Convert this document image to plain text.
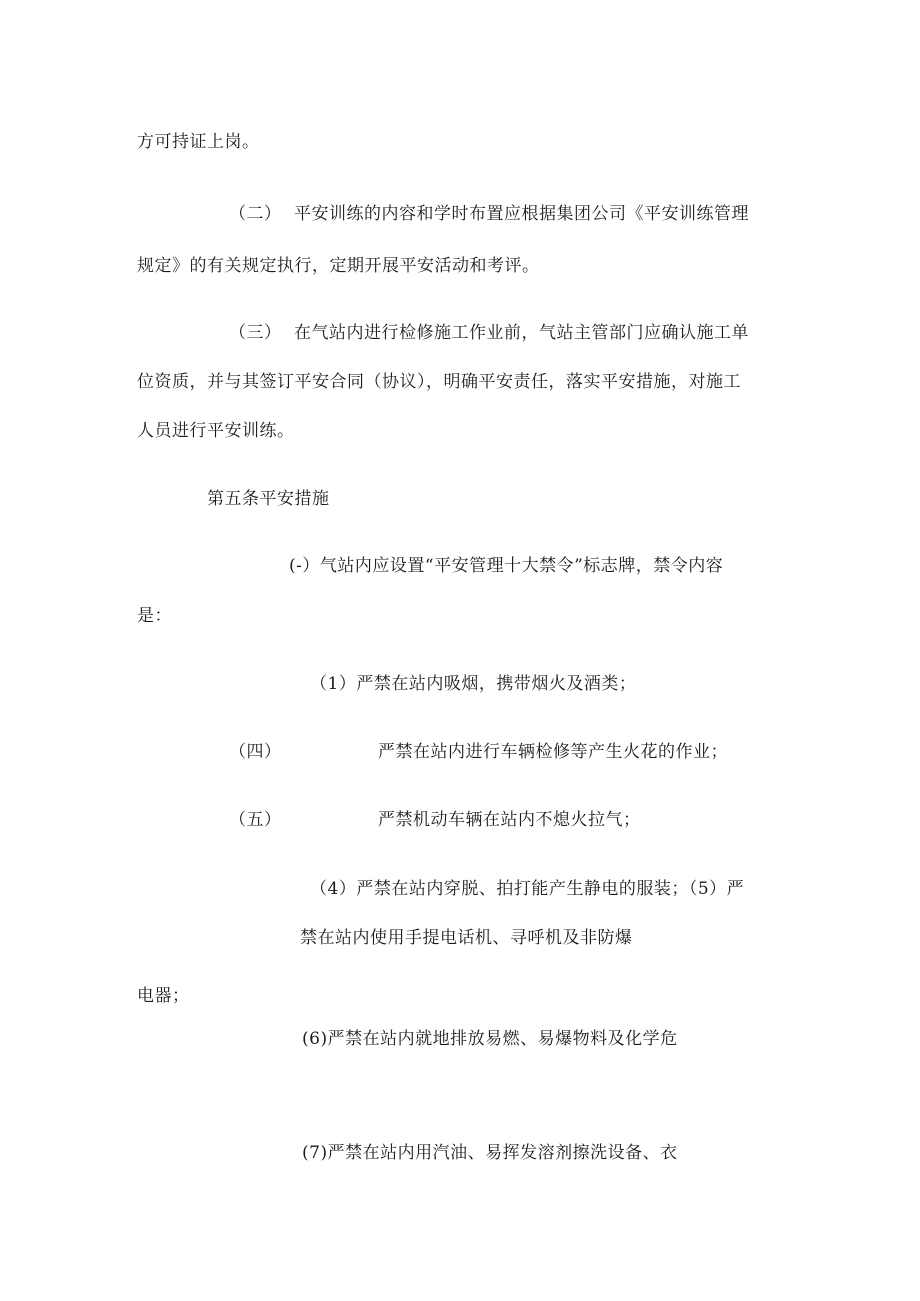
方可持证上岗。
（二） 平安训练的内容和学时布置应根据集团公司《平安训练管理
规定》的有关规定执行，定期开展平安活动和考评。
（三） 在气站内进行检修施工作业前，气站主管部门应确认施工单
位资质，并与其签订平安合同（协议），明确平安责任，落实平安措施，对施工
人员进行平安训练。
第五条平安措施
(-）气站内应设置“平安管理十大禁令”标志牌，禁令内容
是：
（1）严禁在站内吸烟，携带烟火及酒类；
（四）	严禁在站内进行车辆检修等产生火花的作业；
（五）	严禁机动车辆在站内不熄火拉气；
（4）严禁在站内穿脱、拍打能产生静电的服装；（5）严
禁在站内使用手提电话机、寻呼机及非防爆
电器；
(6)严禁在站内就地排放易燃、易爆物料及化学危
(7)严禁在站内用汽油、易挥发溶剂擦洗设备、衣
